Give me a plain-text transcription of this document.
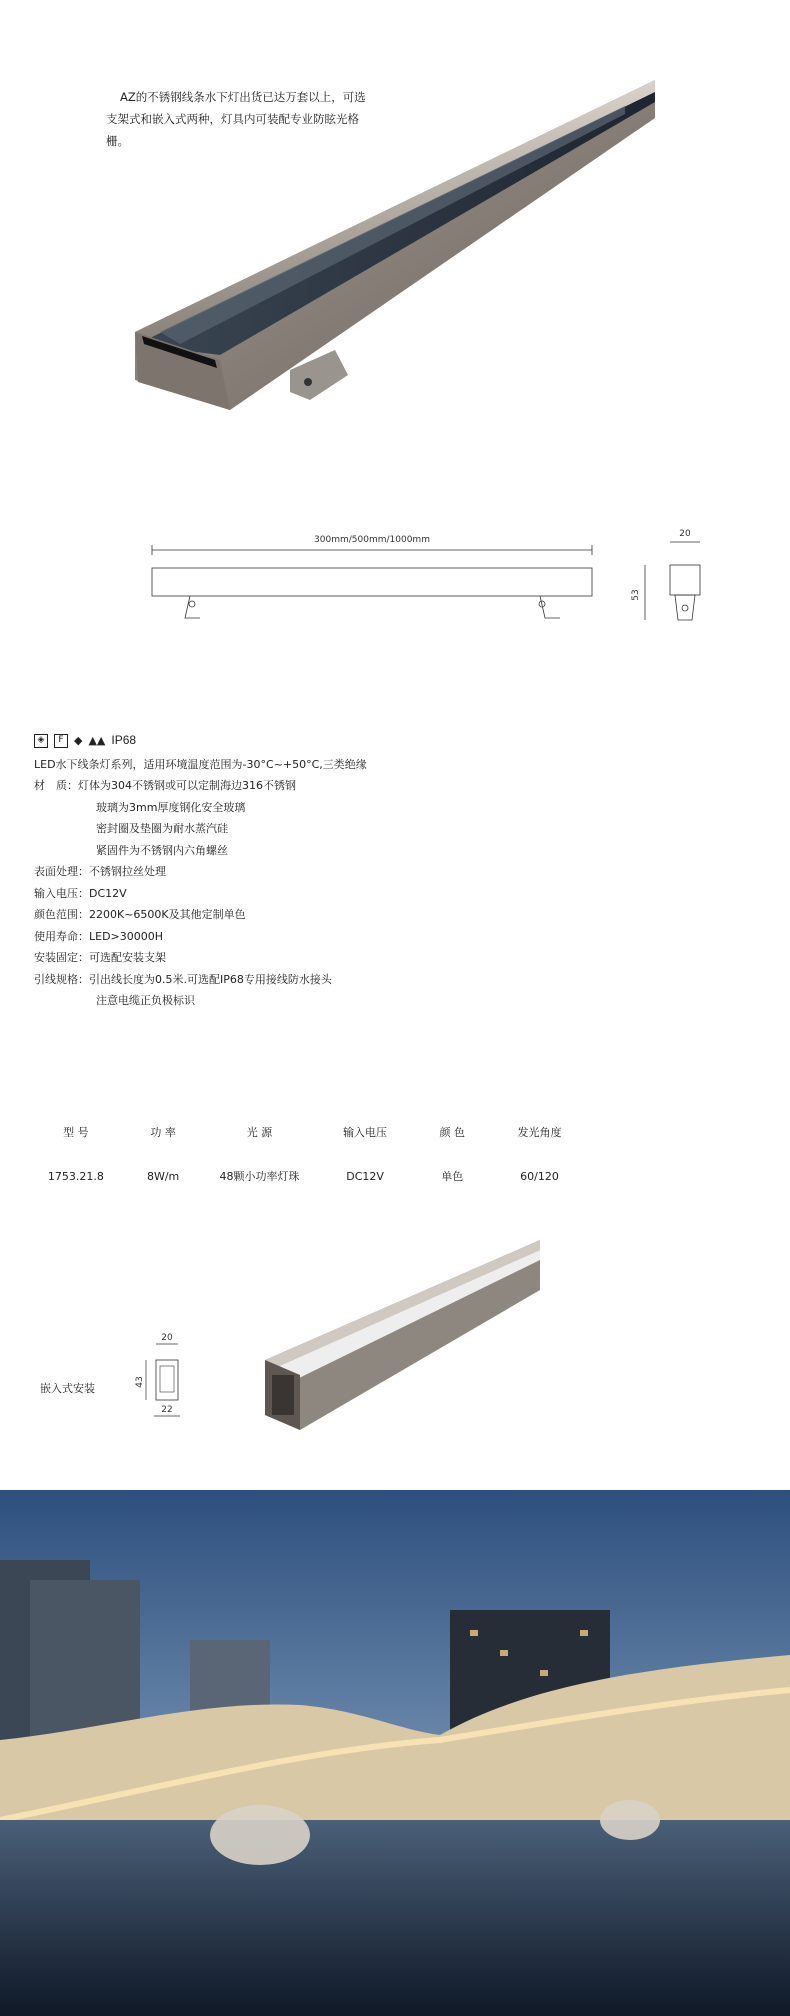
AZ的不锈钢线条水下灯出货已达万套以上，可选支架式和嵌入式两种，灯具内可装配专业防眩光格栅。
300mm/500mm/1000mm
20
53
◈	F ◆ ▲▲ IP68
LED水下线条灯系列，适用环境温度范围为-30°C~+50°C,三类绝缘
材　质： 灯体为304不锈钢或可以定制海边316不锈钢
玻璃为3mm厚度钢化安全玻璃
密封圈及垫圈为耐水蒸汽硅
紧固件为不锈钢内六角螺丝
表面处理： 不锈钢拉丝处理
输入电压： DC12V
颜色范围： 2200K~6500K及其他定制单色
使用寿命： LED>30000H
安装固定： 可选配安装支架
引线规格： 引出线长度为0.5米.可选配IP68专用接线防水接头
注意电缆正负极标识
型 号	功 率	光 源	输入电压	颜 色	发光角度
1753.21.8	8W/m	48颗小功率灯珠	DC12V	单色	60/120
嵌入式安装
20
43
22
